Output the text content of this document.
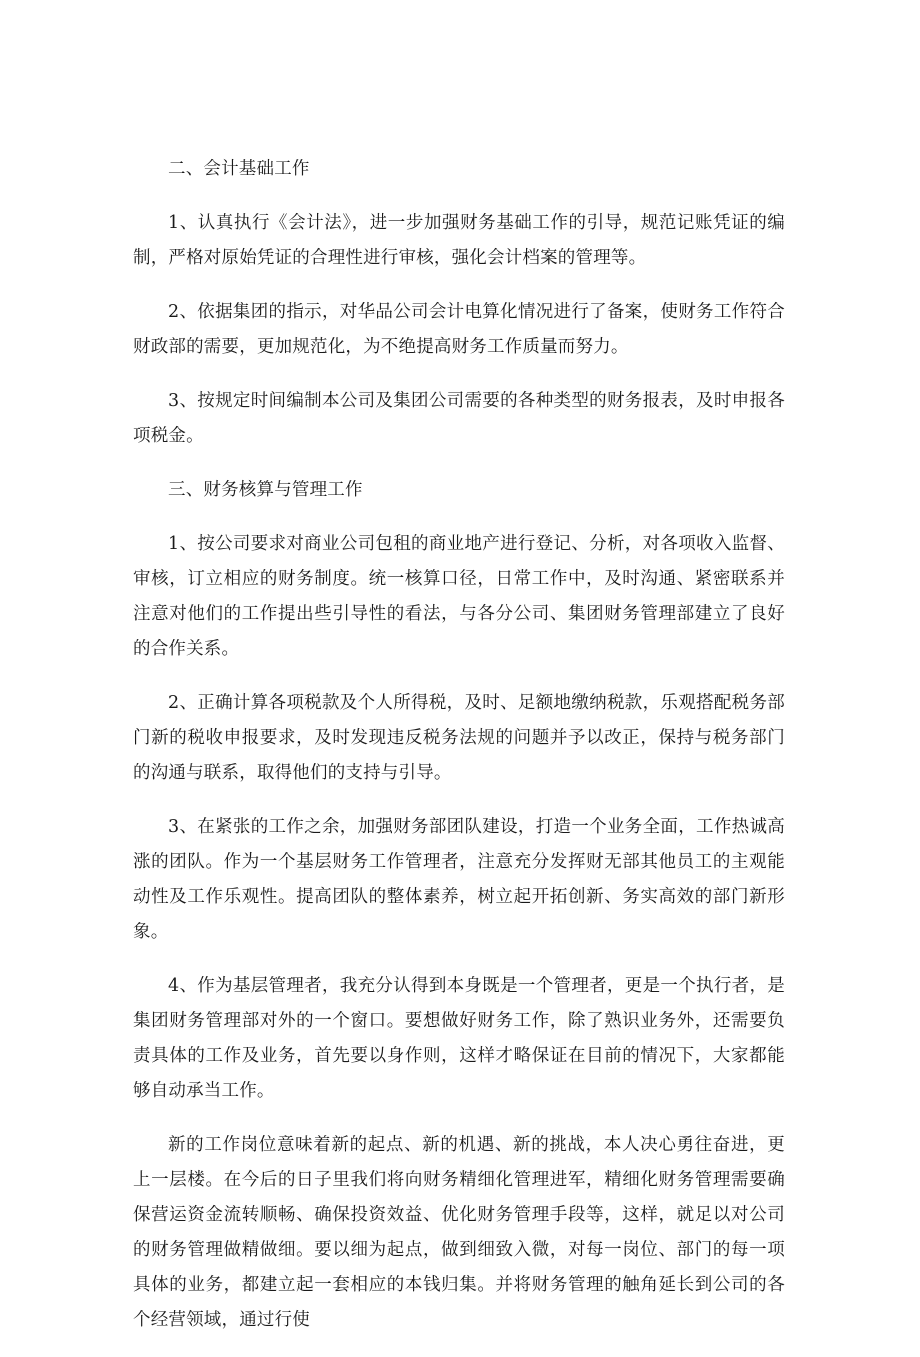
二、会计基础工作

1、认真执行《会计法》，进一步加强财务基础工作的引导，规范记账凭证的编制，严格对原始凭证的合理性进行审核，强化会计档案的管理等。

2、依据集团的指示，对华品公司会计电算化情况进行了备案，使财务工作符合财政部的需要，更加规范化，为不绝提高财务工作质量而努力。

3、按规定时间编制本公司及集团公司需要的各种类型的财务报表，及时申报各项税金。

三、财务核算与管理工作

1、按公司要求对商业公司包租的商业地产进行登记、分析，对各项收入监督、审核，订立相应的财务制度。统一核算口径，日常工作中，及时沟通、紧密联系并注意对他们的工作提出些引导性的看法，与各分公司、集团财务管理部建立了良好的合作关系。

2、正确计算各项税款及个人所得税，及时、足额地缴纳税款，乐观搭配税务部门新的税收申报要求，及时发现违反税务法规的问题并予以改正，保持与税务部门的沟通与联系，取得他们的支持与引导。

3、在紧张的工作之余，加强财务部团队建设，打造一个业务全面，工作热诚高涨的团队。作为一个基层财务工作管理者，注意充分发挥财无部其他员工的主观能动性及工作乐观性。提高团队的整体素养，树立起开拓创新、务实高效的部门新形象。

4、作为基层管理者，我充分认得到本身既是一个管理者，更是一个执行者，是集团财务管理部对外的一个窗口。要想做好财务工作，除了熟识业务外，还需要负责具体的工作及业务，首先要以身作则，这样才略保证在目前的情况下，大家都能够自动承当工作。

新的工作岗位意味着新的起点、新的机遇、新的挑战，本人决心勇往奋进，更上一层楼。在今后的日子里我们将向财务精细化管理进军，精细化财务管理需要确保营运资金流转顺畅、确保投资效益、优化财务管理手段等，这样，就足以对公司的财务管理做精做细。要以细为起点，做到细致入微，对每一岗位、部门的每一项具体的业务，都建立起一套相应的本钱归集。并将财务管理的触角延长到公司的各个经营领域，通过行使
